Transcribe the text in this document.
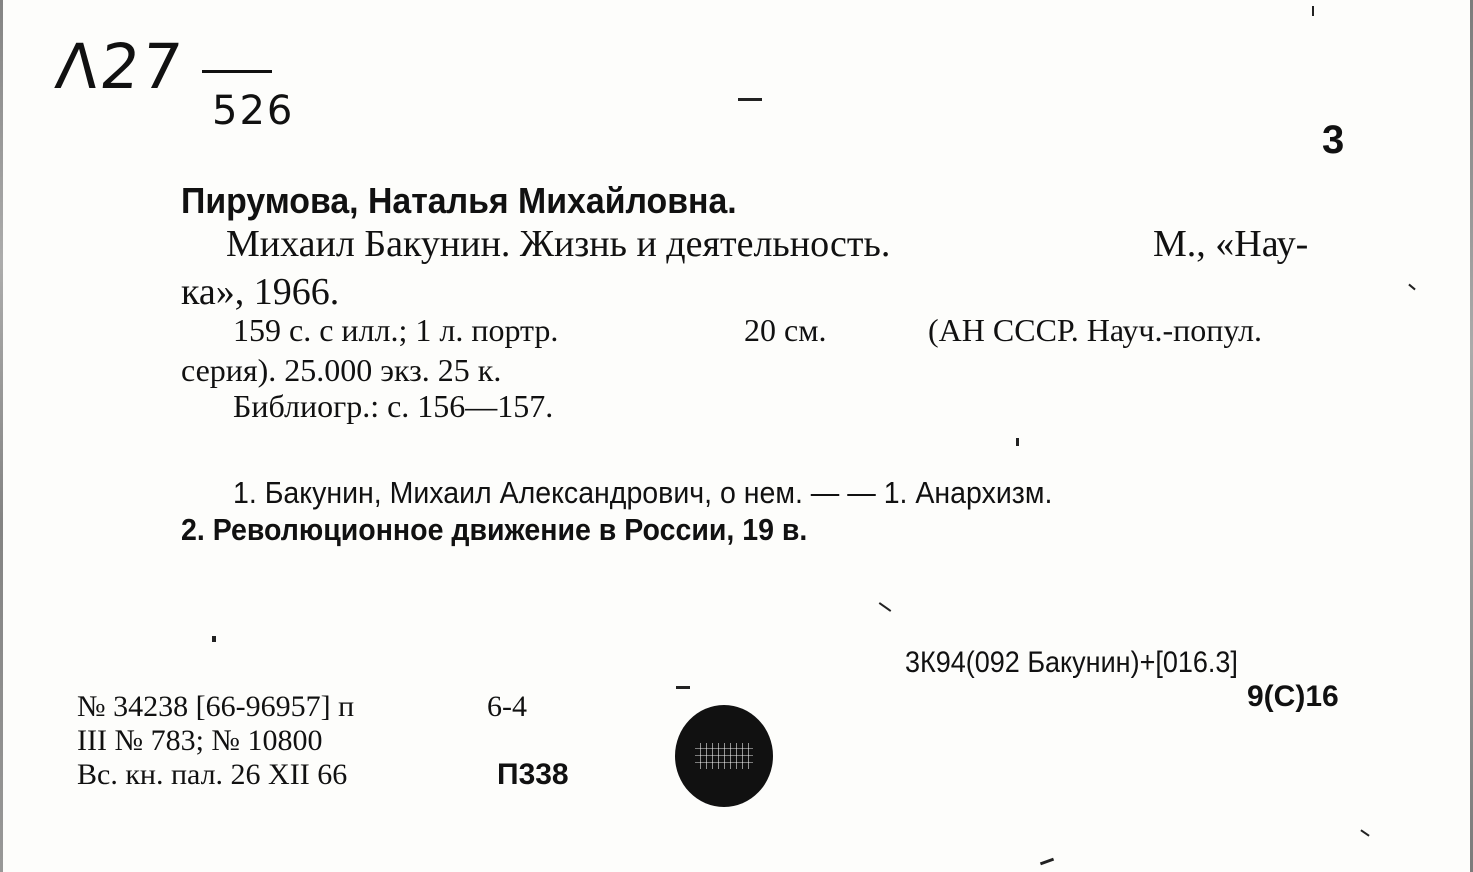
Λ27
526
3
Пирумова, Наталья Михайловна.
Михаил Бакунин. Жизнь и деятельность.	М., «Нау-
ка», 1966.
159 с. с илл.; 1 л. портр.	20 см.	(АН СССР. Науч.-попул.
серия). 25.000 экз. 25 к.
Библиогр.: с. 156—157.
1. Бакунин, Михаил Александрович, о нем. — — 1. Анархизм.
2. Революционное движение в России, 19 в.
3К94(092 Бакунин)+[016.3]
9(С)16
№ 34238 [66-96957] п	6-4
III № 783; № 10800
Вс. кн. пал. 26 XII 66	П338
